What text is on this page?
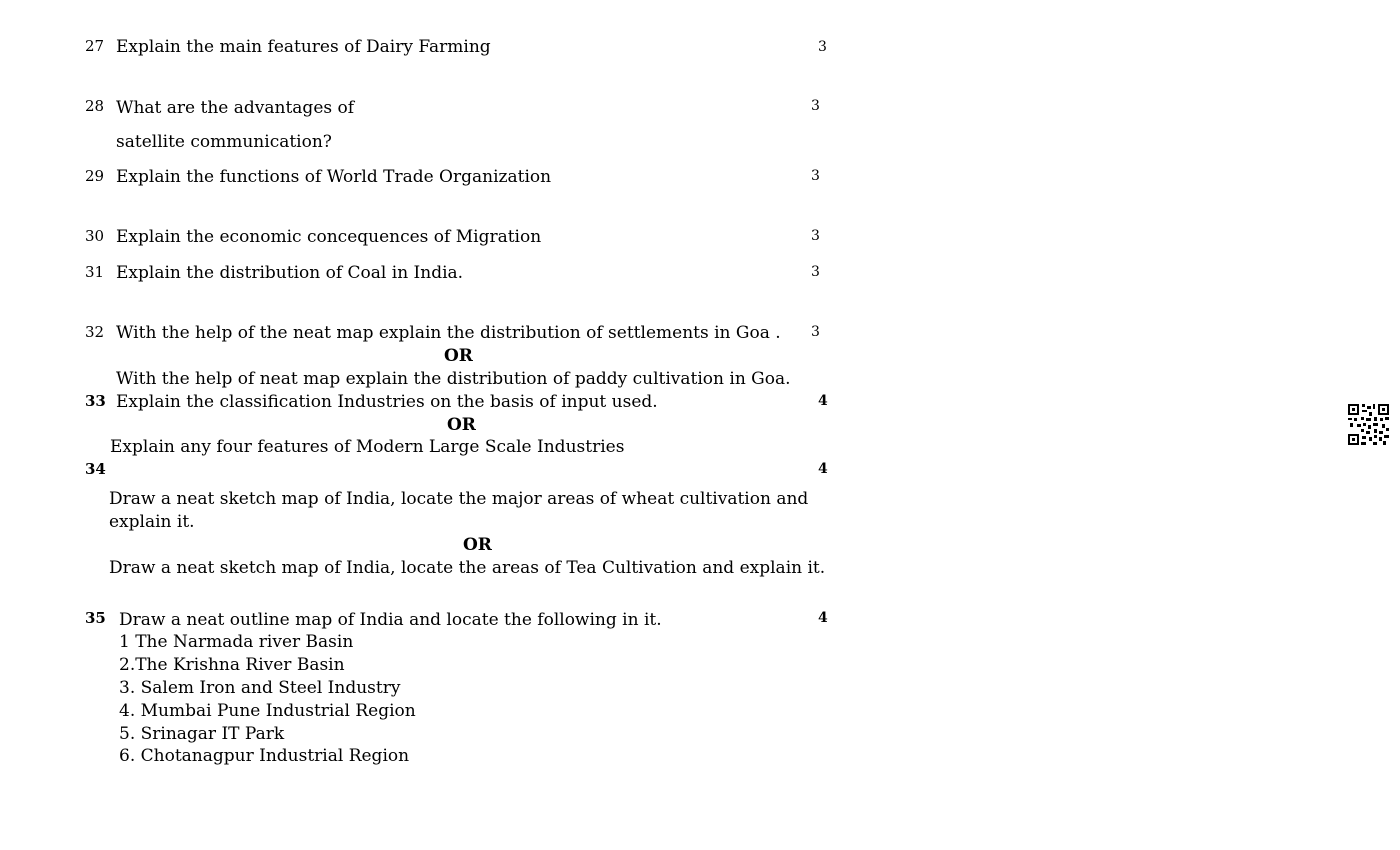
27 Explain the main features of Dairy Farming	3
28 What are the advantages of
satellite communication?
3
29 Explain the functions of World Trade Organization	3
30 Explain the economic concequences of Migration	3
31 Explain the distribution of Coal in India.	3
32 With the help of the neat map explain the distribution of settlements in Goa . 3
OR
With the help of neat map explain the distribution of paddy cultivation in Goa.
33 Explain the classification Industries on the basis of input used.	4
OR
Explain any four features of Modern Large Scale Industries
34	4
Draw a neat sketch map of India, locate the major areas of wheat cultivation and
explain it.
OR
Draw a neat sketch map of India, locate the areas of Tea Cultivation and explain it.
35 Draw a neat outline map of India and locate the following in it.	4
1 The Narmada river Basin
2.The Krishna River Basin
3. Salem Iron and Steel Industry
4. Mumbai Pune Industrial Region
5. Srinagar IT Park
6. Chotanagpur Industrial Region
